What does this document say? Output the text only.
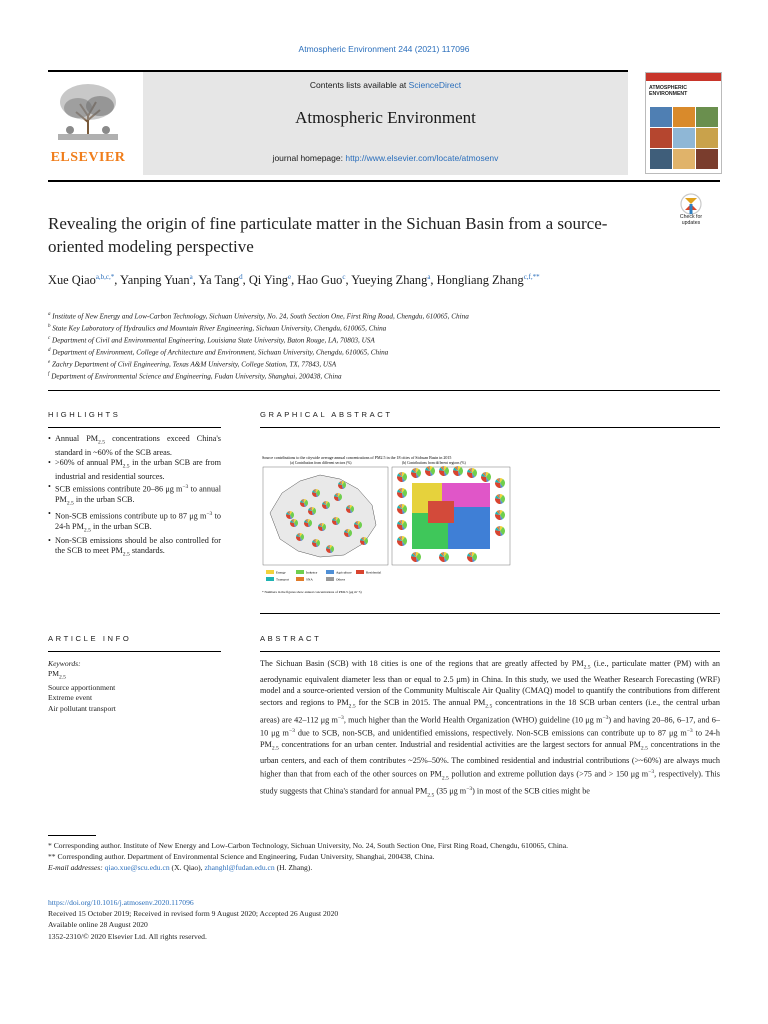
Atmospheric Environment 244 (2021) 117096
ELSEVIER
Contents lists available at ScienceDirect
Atmospheric Environment
journal homepage: http://www.elsevier.com/locate/atmosenv
ATMOSPHERIC ENVIRONMENT
Check for
updates
Revealing the origin of fine particulate matter in the Sichuan Basin from a source-oriented modeling perspective
Xue Qiao$^{a,b,c,*}$, Yanping Yuan$^a$, Ya Tang$^d$, Qi Ying$^e$, Hao Guo$^c$, Yueying Zhang$^a$, Hongliang Zhang$^{c,f,**}$
$^a$ Institute of New Energy and Low-Carbon Technology, Sichuan University, No. 24, South Section One, First Ring Road, Chengdu, 610065, China
$^b$ State Key Laboratory of Hydraulics and Mountain River Engineering, Sichuan University, Chengdu, 610065, China
$^c$ Department of Civil and Environmental Engineering, Louisiana State University, Baton Rouge, LA, 70803, USA
$^d$ Department of Environment, College of Architecture and Environment, Sichuan University, Chengdu, 610065, China
$^e$ Zachry Department of Civil Engineering, Texas A&M University, College Station, TX, 77843, USA
$^f$ Department of Environmental Science and Engineering, Fudan University, Shanghai, 200438, China
HIGHLIGHTS
• Annual $PM_{2.5}$ concentrations exceed China's standard in ~60% of the SCB areas.
• >60% of annual $PM_{2.5}$ in the urban SCB are from industrial and residential sources.
• SCB emissions contribute 20–86 μg $m^{-3}$ to annual $PM_{2.5}$ in the urban SCB.
• Non-SCB emissions contribute up to 87 μg $m^{-3}$ to 24-h $PM_{2.5}$ in the urban SCB.
• Non-SCB emissions should be also controlled for the SCB to meet $PM_{2.5}$ standards.
GRAPHICAL ABSTRACT
Source contributions to the citywide average annual concentrations of PM2.5 in the 18 cities of Sichuan Basin in 2015
(a) Contribution from different sectors (%)	(b) Contributions from different regions (%)
Energy	Industry	Agriculture	Residential
Transport	SNA	Others
* Numbers in the figures show annual concentrations of PM2.5 (μg m−3)
ARTICLE INFO
Keywords:
$PM_{2.5}$
Source apportionment
Extreme event
Air pollutant transport
ABSTRACT
The Sichuan Basin (SCB) with 18 cities is one of the regions that are greatly affected by $PM_{2.5}$ (i.e., particulate matter (PM) with an aerodynamic equivalent diameter less than or equal to 2.5 μm) in China. In this study, we used the Weather Research Forecasting (WRF) model and a source-oriented version of the Community Multiscale Air Quality (CMAQ) model to quantify the contributions from different sectors and regions to $PM_{2.5}$ for the SCB in 2015. The annual $PM_{2.5}$ concentrations in the 18 SCB urban centers (i.e., the central urban areas) are 42–112 μg $m^{-3}$, much higher than the World Health Organization (WHO) guideline (10 μg $m^{-3}$) and having 20–86, 6–17, and 6–10 μg $m^{-3}$ due to SCB, non-SCB, and unidentified emissions, respectively. Non-SCB emissions can contribute up to 87 μg $m^{-3}$ to 24-h $PM_{2.5}$ concentrations for an urban center. Industrial and residential activities are the largest sectors for annual $PM_{2.5}$ concentrations in the urban centers, and each of them contributes ~25%–50%. The combined residential and industrial contributions (>~60%) are always much higher than that from each of the other sources on $PM_{2.5}$ pollution and extreme pollution days (>75 and > 150 μg $m^{-3}$, respectively). This study suggests that China's standard for annual $PM_{2.5}$ (35 μg $m^{-3}$) in most of the SCB cities might be
* Corresponding author. Institute of New Energy and Low-Carbon Technology, Sichuan University, No. 24, South Section One, First Ring Road, Chengdu, 610065, China.
** Corresponding author. Department of Environmental Science and Engineering, Fudan University, Shanghai, 200438, China.
E-mail addresses: qiao.xue@scu.edu.cn (X. Qiao), zhanghl@fudan.edu.cn (H. Zhang).
https://doi.org/10.1016/j.atmosenv.2020.117096
Received 15 October 2019; Received in revised form 9 August 2020; Accepted 26 August 2020
Available online 28 August 2020
1352-2310/© 2020 Elsevier Ltd. All rights reserved.
